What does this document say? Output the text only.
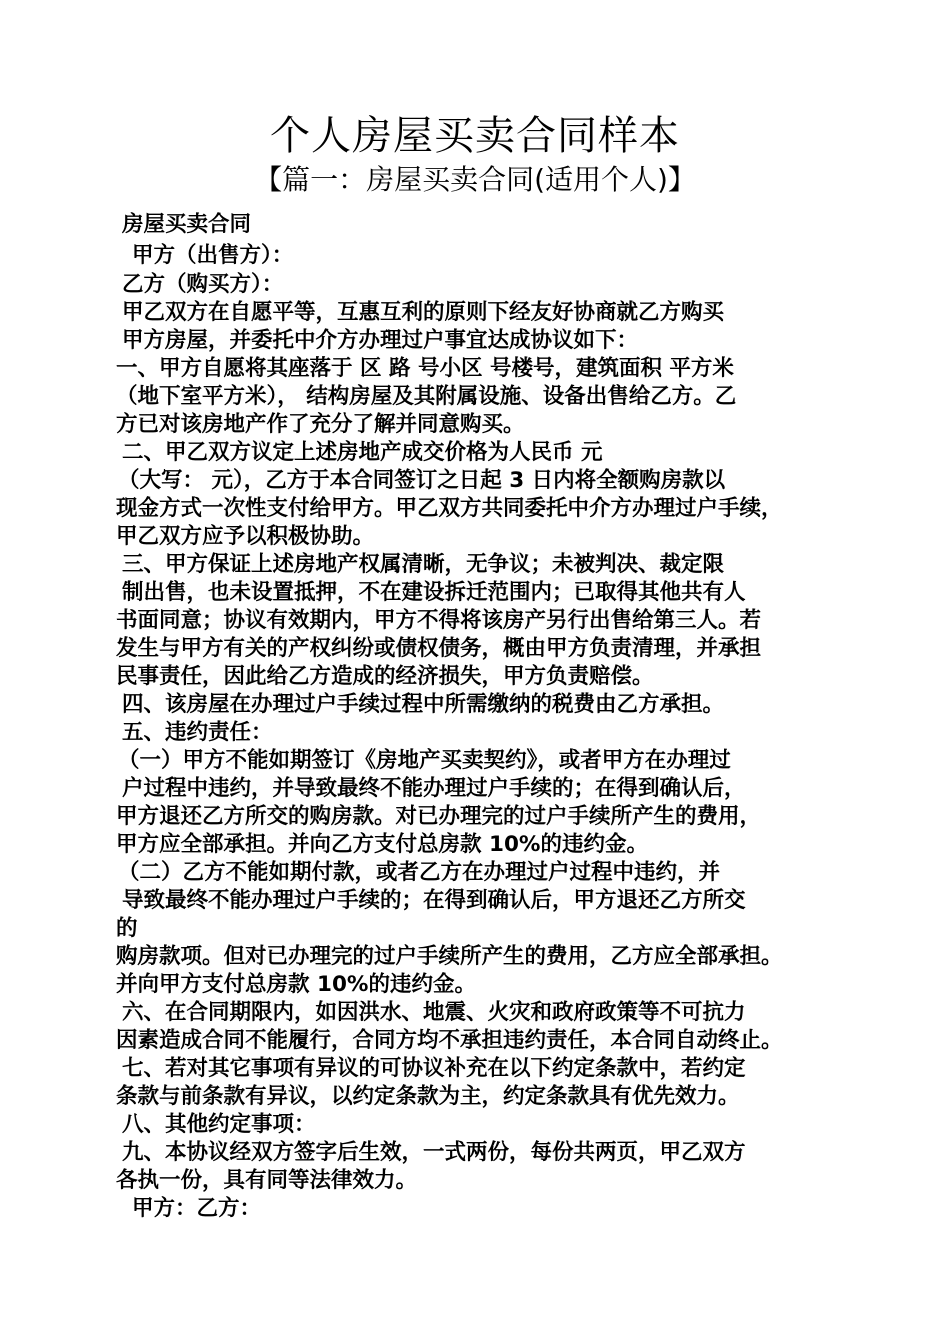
个人房屋买卖合同样本
【篇一：房屋买卖合同(适用个人)】
房屋买卖合同
甲方（出售方）：
乙方（购买方）：
甲乙双方在自愿平等，互惠互利的原则下经友好协商就乙方购买
甲方房屋，并委托中介方办理过户事宜达成协议如下：
一、甲方自愿将其座落于 区 路 号小区 号楼号，建筑面积 平方米
（地下室平方米）， 结构房屋及其附属设施、设备出售给乙方。乙
方已对该房地产作了充分了解并同意购买。
二、甲乙双方议定上述房地产成交价格为人民币 元
（大写： 元），乙方于本合同签订之日起 3 日内将全额购房款以
现金方式一次性支付给甲方。甲乙双方共同委托中介方办理过户手续，
甲乙双方应予以积极协助。
三、甲方保证上述房地产权属清晰，无争议；未被判决、裁定限
制出售，也未设置抵押，不在建设拆迁范围内；已取得其他共有人
书面同意；协议有效期内，甲方不得将该房产另行出售给第三人。若
发生与甲方有关的产权纠纷或债权债务，概由甲方负责清理，并承担
民事责任，因此给乙方造成的经济损失，甲方负责赔偿。
四、该房屋在办理过户手续过程中所需缴纳的税费由乙方承担。
五、违约责任：
（一）甲方不能如期签订《房地产买卖契约》，或者甲方在办理过
户过程中违约，并导致最终不能办理过户手续的；在得到确认后，
甲方退还乙方所交的购房款。对已办理完的过户手续所产生的费用，
甲方应全部承担。并向乙方支付总房款 10%的违约金。
（二）乙方不能如期付款，或者乙方在办理过户过程中违约，并
导致最终不能办理过户手续的；在得到确认后，甲方退还乙方所交
的
购房款项。但对已办理完的过户手续所产生的费用，乙方应全部承担。
并向甲方支付总房款 10%的违约金。
六、在合同期限内，如因洪水、地震、火灾和政府政策等不可抗力
因素造成合同不能履行，合同方均不承担违约责任，本合同自动终止。
七、若对其它事项有异议的可协议补充在以下约定条款中，若约定
条款与前条款有异议，以约定条款为主，约定条款具有优先效力。
八、其他约定事项：
九、本协议经双方签字后生效，一式两份，每份共两页，甲乙双方
各执一份，具有同等法律效力。
甲方：乙方：
